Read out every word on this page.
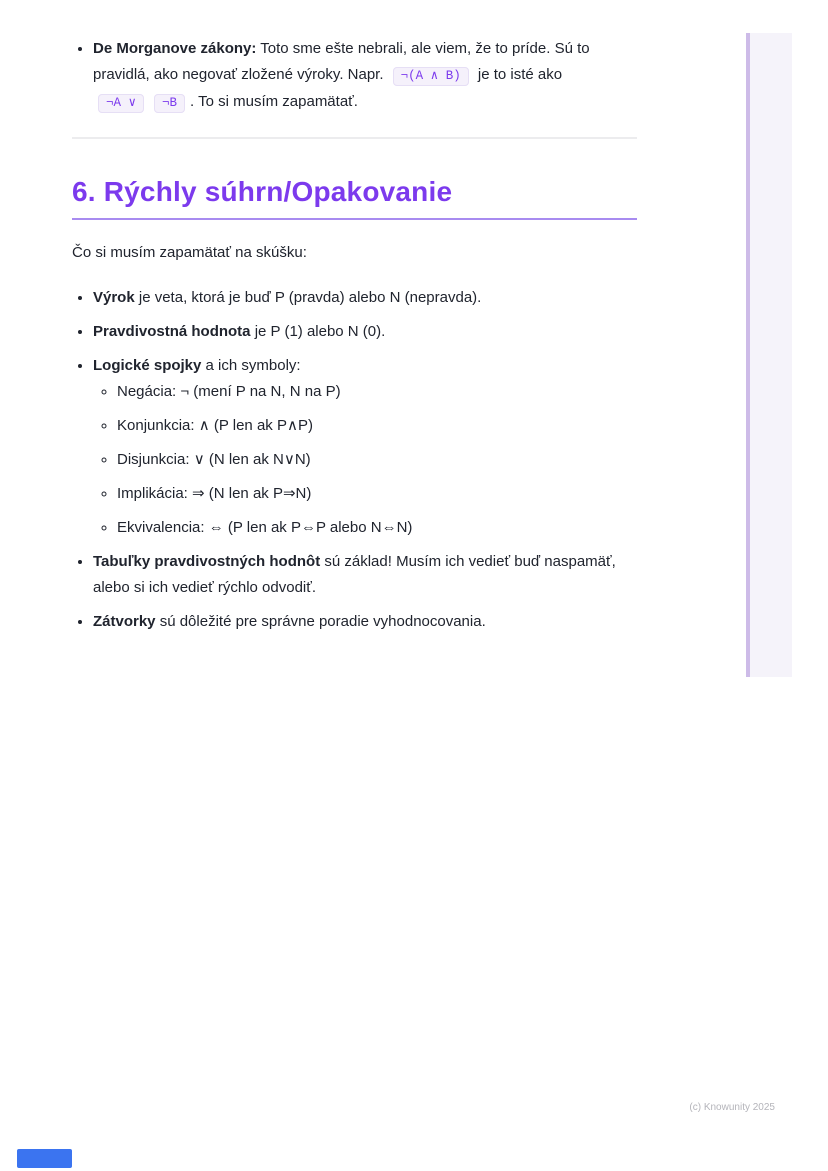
• De Morganove zákony: Toto sme ešte nebrali, ale viem, že to príde. Sú to pravidlá, ako negovať zložené výroky. Napr. ¬(A ∧ B) je to isté ako ¬A ∨ ¬B . To si musím zapamätať.
6. Rýchly súhrn/Opakovanie

Čo si musím zapamätať na skúšku:

• Výrok je veta, ktorá je buď P (pravda) alebo N (nepravda).
• Pravdivostná hodnota je P (1) alebo N (0).
• Logické spojky a ich symboly:
◦ Negácia: ¬ (mení P na N, N na P)
◦ Konjunkcia: ∧ (P len ak P∧P)
◦ Disjunkcia: ∨ (N len ak N∨N)
◦ Implikácia: ⇒ (N len ak P⇒N)
◦ Ekvivalencia: ⇔ (P len ak P⇔P alebo N⇔N)
• Tabuľky pravdivostných hodnôt sú základ! Musím ich vedieť buď naspamäť, alebo si ich vedieť rýchlo odvodiť.
• Zátvorky sú dôležité pre správne poradie vyhodnocovania.
(c) Knowunity 2025
